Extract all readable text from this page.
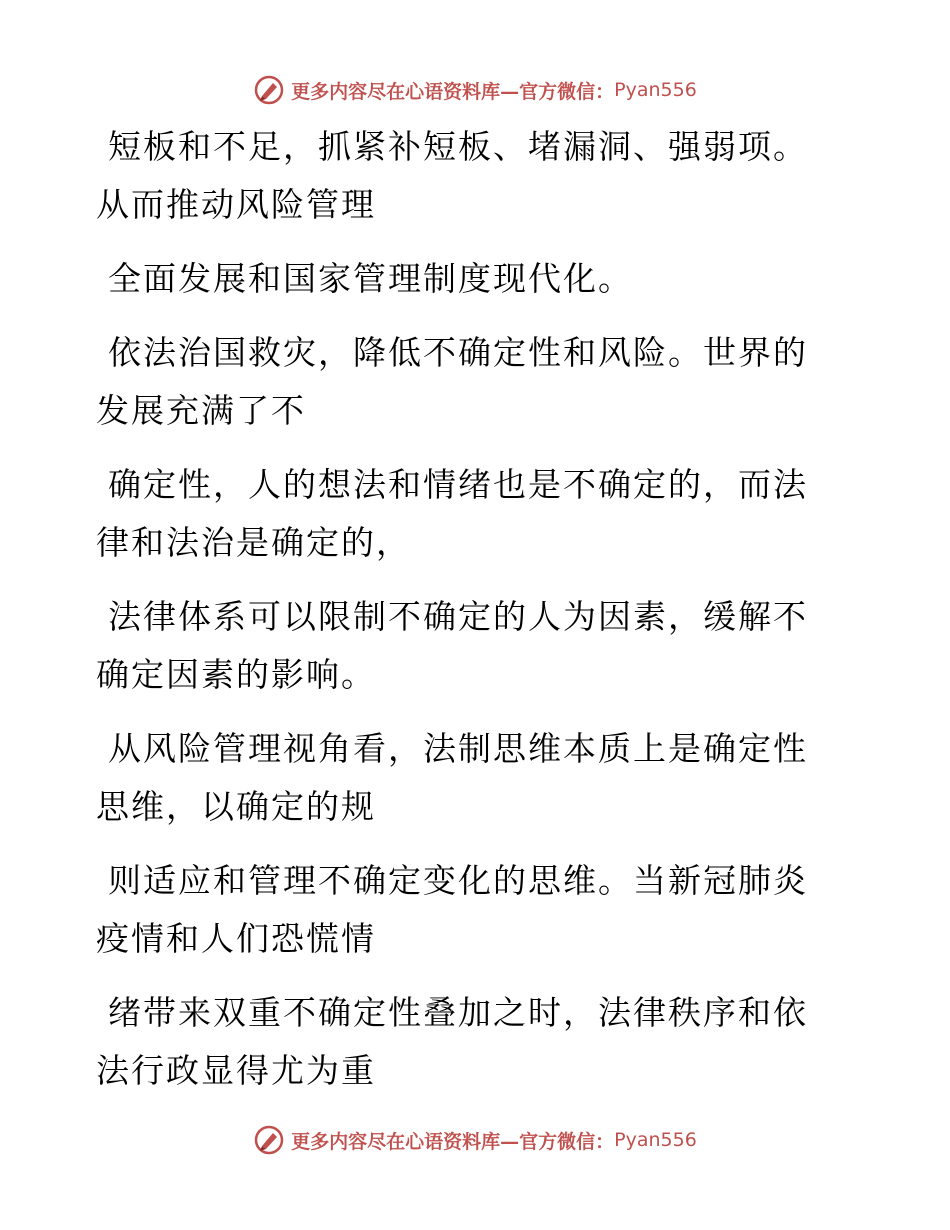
更多内容尽在心语资料库—官方微信： Pyan556

短板和不足，抓紧补短板、堵漏洞、强弱项。从而推动风险管理

全面发展和国家管理制度现代化。

依法治国救灾，降低不确定性和风险。世界的发展充满了不

确定性，人的想法和情绪也是不确定的，而法律和法治是确定的，

法律体系可以限制不确定的人为因素，缓解不确定因素的影响。

从风险管理视角看，法制思维本质上是确定性思维，以确定的规

则适应和管理不确定变化的思维。当新冠肺炎疫情和人们恐慌情

绪带来双重不确定性叠加之时，法律秩序和依法行政显得尤为重

更多内容尽在心语资料库—官方微信： Pyan556
